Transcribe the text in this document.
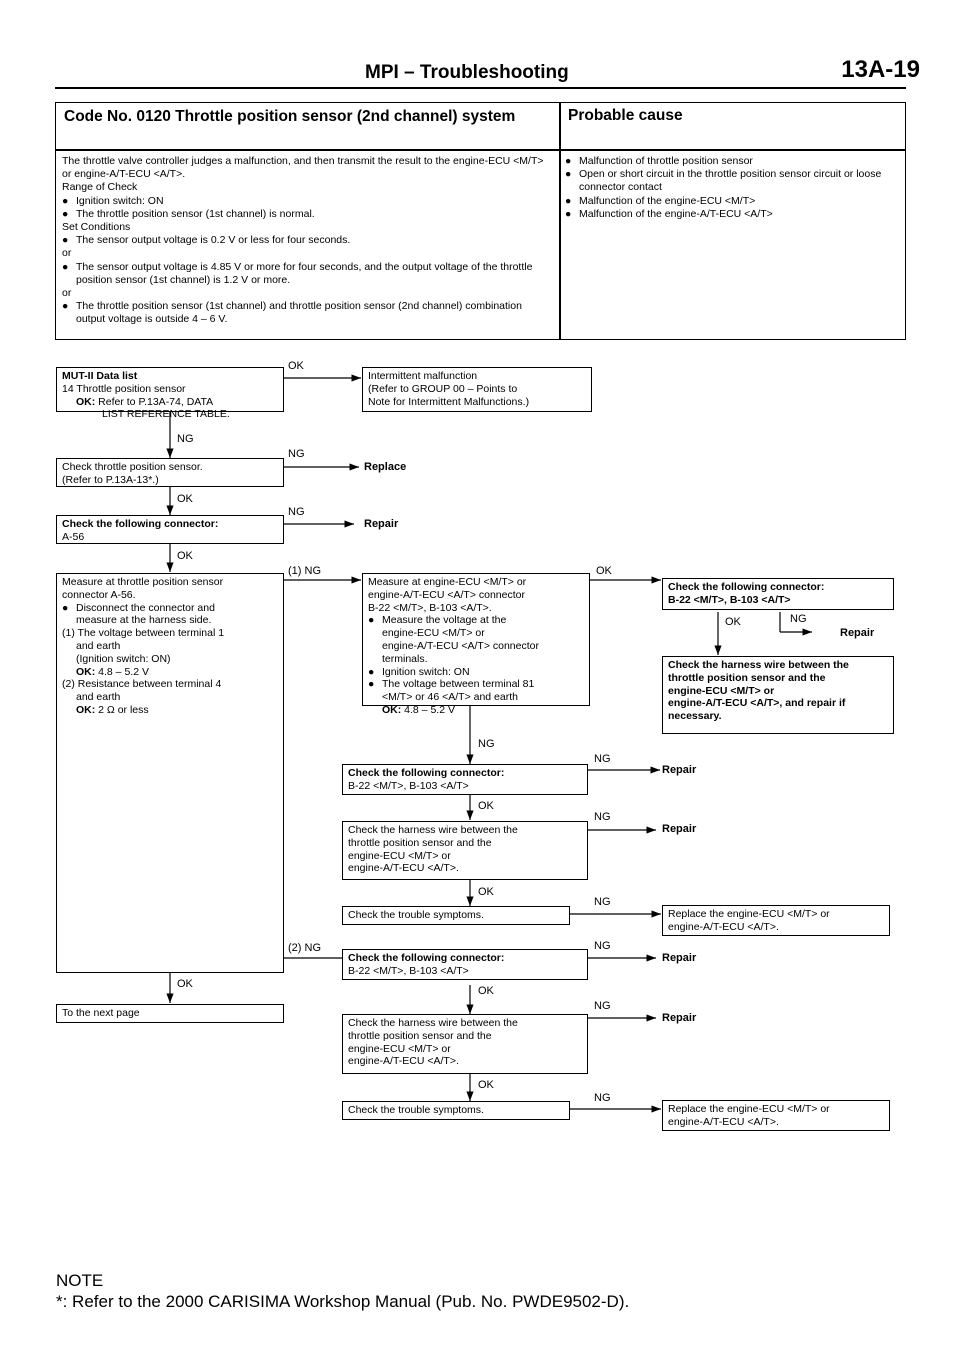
MPI – Troubleshooting	13A-19
Code No. 0120 Throttle position sensor (2nd channel) system	Probable cause
The throttle valve controller judges a malfunction, and then transmit the result to the engine-ECU <M/T> or engine-A/T-ECU <A/T>.
Range of Check
● Ignition switch: ON
● The throttle position sensor (1st channel) is normal.
Set Conditions
● The sensor output voltage is 0.2 V or less for four seconds.
or
● The sensor output voltage is 4.85 V or more for four seconds, and the output voltage of the throttle position sensor (1st channel) is 1.2 V or more.
or
● The throttle position sensor (1st channel) and throttle position sensor (2nd channel) combination output voltage is outside 4 – 6 V.
● Malfunction of throttle position sensor
● Open or short circuit in the throttle position sensor circuit or loose connector contact
● Malfunction of the engine-ECU <M/T>
● Malfunction of the engine-A/T-ECU <A/T>
MUT-II Data list
14 Throttle position sensor
OK: Refer to P.13A-74, DATA
LIST REFERENCE TABLE.
OK
Intermittent malfunction
(Refer to GROUP 00 – Points to
Note for Intermittent Malfunctions.)
NG
Check throttle position sensor.
(Refer to P.13A-13*.)
NG
Replace
OK
Check the following connector:
A-56
NG
Repair
OK
Measure at throttle position sensor
connector A-56.
● Disconnect the connector and
measure at the harness side.
(1) The voltage between terminal 1
and earth
(Ignition switch: ON)
OK: 4.8 – 5.2 V
(2) Resistance between terminal 4
and earth
OK: 2 Ω or less
(1) NG
Measure at engine-ECU <M/T> or
engine-A/T-ECU <A/T> connector
B-22 <M/T>, B-103 <A/T>.
● Measure the voltage at the
engine-ECU <M/T> or
engine-A/T-ECU <A/T> connector
terminals.
● Ignition switch: ON
● The voltage between terminal 81
<M/T> or 46 <A/T> and earth
OK: 4.8 – 5.2 V
OK
Check the following connector:
B-22 <M/T>, B-103 <A/T>
OK	NG
Repair
Check the harness wire between the
throttle position sensor and the
engine-ECU <M/T> or
engine-A/T-ECU <A/T>, and repair if
necessary.
NG
Check the following connector:
B-22 <M/T>, B-103 <A/T>
NG
Repair
OK
Check the harness wire between the
throttle position sensor and the
engine-ECU <M/T> or
engine-A/T-ECU <A/T>.
NG
Repair
OK
Check the trouble symptoms.
NG
Replace the engine-ECU <M/T> or
engine-A/T-ECU <A/T>.
(2) NG
Check the following connector:
B-22 <M/T>, B-103 <A/T>
NG
Repair
OK
To the next page
OK
Check the harness wire between the
throttle position sensor and the
engine-ECU <M/T> or
engine-A/T-ECU <A/T>.
NG
Repair
OK
Check the trouble symptoms.
NG
Replace the engine-ECU <M/T> or
engine-A/T-ECU <A/T>.
NOTE
*: Refer to the 2000 CARISIMA Workshop Manual (Pub. No. PWDE9502-D).
